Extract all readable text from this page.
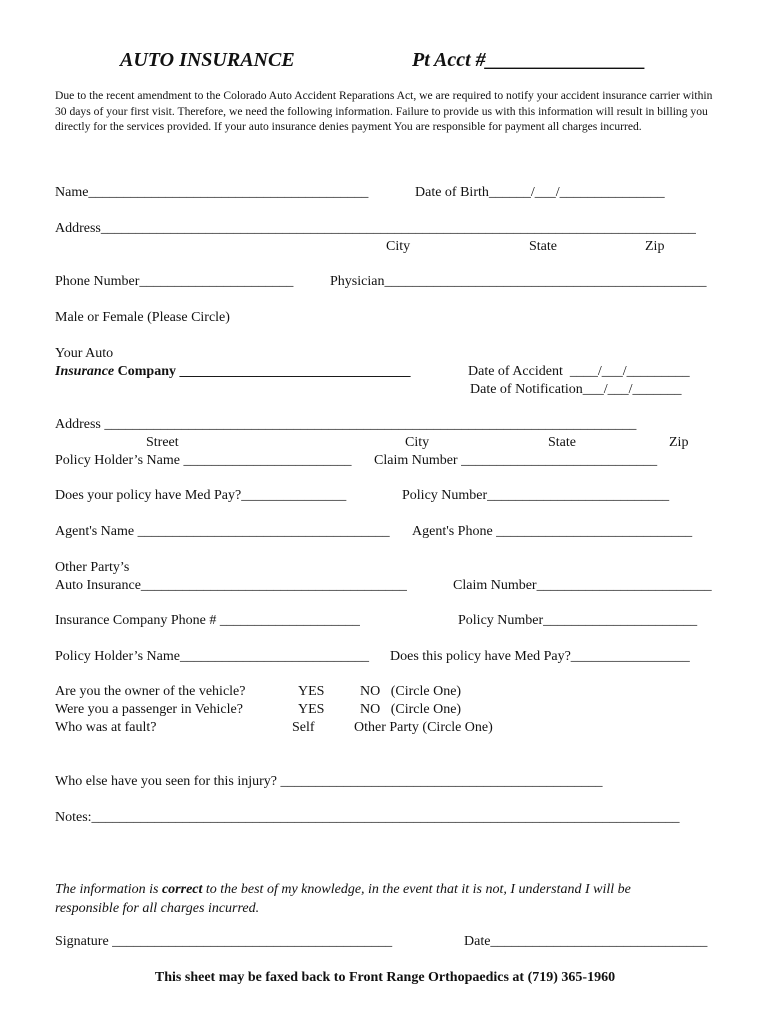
AUTO INSURANCE	Pt Acct #________________
Due to the recent amendment to the Colorado Auto Accident Reparations Act, we are required to notify your accident insurance carrier within 30 days of your first visit. Therefore, we need the following information. Failure to provide us with this information will result in billing you directly for the services provided. If your auto insurance denies payment You are responsible for payment all charges incurred.
Name________________________________________	Date of Birth______/___/_______________
Address_____________________________________________________________________________________
City	State	Zip
Phone Number______________________	Physician______________________________________________
Male or Female (Please Circle)
Your Auto
Insurance Company _________________________________	Date of Accident  ____/___/_________
Date of Notification___/___/_______
Address ____________________________________________________________________________
Street	City	State	Zip
Policy Holder’s Name ________________________ Claim Number ____________________________
Does your policy have Med Pay?_______________	Policy Number__________________________
Agent's Name ____________________________________ Agent's Phone ____________________________
Other Party’s
Auto Insurance______________________________________	Claim Number_________________________
Insurance Company Phone # ____________________	Policy Number______________________
Policy Holder’s Name___________________________ Does this policy have Med Pay?_________________
Are you the owner of the vehicle?	YES	NO   (Circle One)
Were you a passenger in Vehicle?	YES	NO   (Circle One)
Who was at fault?	Self	Other Party (Circle One)
Who else have you seen for this injury? ______________________________________________
Notes:____________________________________________________________________________________
The information is correct to the best of my knowledge, in the event that it is not, I understand I will be responsible for all charges incurred.
Signature ________________________________________	Date_______________________________
This sheet may be faxed back to Front Range Orthopaedics at (719) 365-1960
